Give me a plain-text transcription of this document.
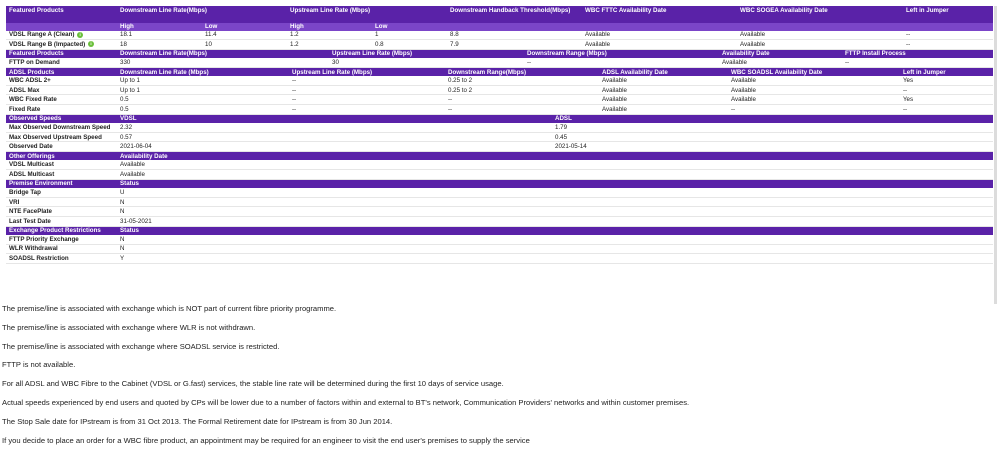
Featured Products	Downstream Line Rate(Mbps)		Upstream Line Rate (Mbps)		Downstream Handback Threshold(Mbps)	WBC FTTC Availability Date	WBC SOGEA Availability Date	Left in Jumper
	High	Low	High	Low				
VDSL Range A (Clean) i	18.1	11.4	1.2	1	8.8	Available	Available	--
VDSL Range B (Impacted) i	18	10	1.2	0.8	7.9	Available	Available	--
Featured Products	Downstream Line Rate(Mbps)	Upstream Line Rate (Mbps)	Downstream Range (Mbps)	Availability Date	FTTP Install Process
FTTP on Demand	330	30	--	Available	--
ADSL Products	Downstream Line Rate (Mbps)	Upstream Line Rate (Mbps)	Downstream Range(Mbps)	ADSL Availability Date	WBC SOADSL Availability Date	Left in Jumper
WBC ADSL 2+	Up to 1	--	0.25 to 2	Available	Available	Yes
ADSL Max	Up to 1	--	0.25 to 2	Available	Available	--
WBC Fixed Rate	0.5	--	--	Available	Available	Yes
Fixed Rate	0.5	--	--	Available	--	--
Observed Speeds	VDSL	ADSL
Max Observed Downstream Speed	2.32	1.79
Max Observed Upstream Speed	0.57	0.45
Observed Date	2021-06-04	2021-05-14
Other Offerings	Availability Date
VDSL Multicast	Available
ADSL Multicast	Available
Premise Environment	Status
Bridge Tap	U
VRI	N
NTE FacePlate	N
Last Test Date	31-05-2021
Exchange Product Restrictions	Status
FTTP Priority Exchange	N
WLR Withdrawal	N
SOADSL Restriction	Y

The premise/line is associated with exchange which is NOT part of current fibre priority programme.

The premise/line is associated with exchange where WLR is not withdrawn.

The premise/line is associated with exchange where SOADSL service is restricted.

FTTP is not available.

For all ADSL and WBC Fibre to the Cabinet (VDSL or G.fast) services, the stable line rate will be determined during the first 10 days of service usage.

Actual speeds experienced by end users and quoted by CPs will be lower due to a number of factors within and external to BT's network, Communication Providers' networks and within customer premises.

The Stop Sale date for IPstream is from 31 Oct 2013. The Formal Retirement date for IPstream is from 30 Jun 2014.

If you decide to place an order for a WBC fibre product, an appointment may be required for an engineer to visit the end user's premises to supply the service
